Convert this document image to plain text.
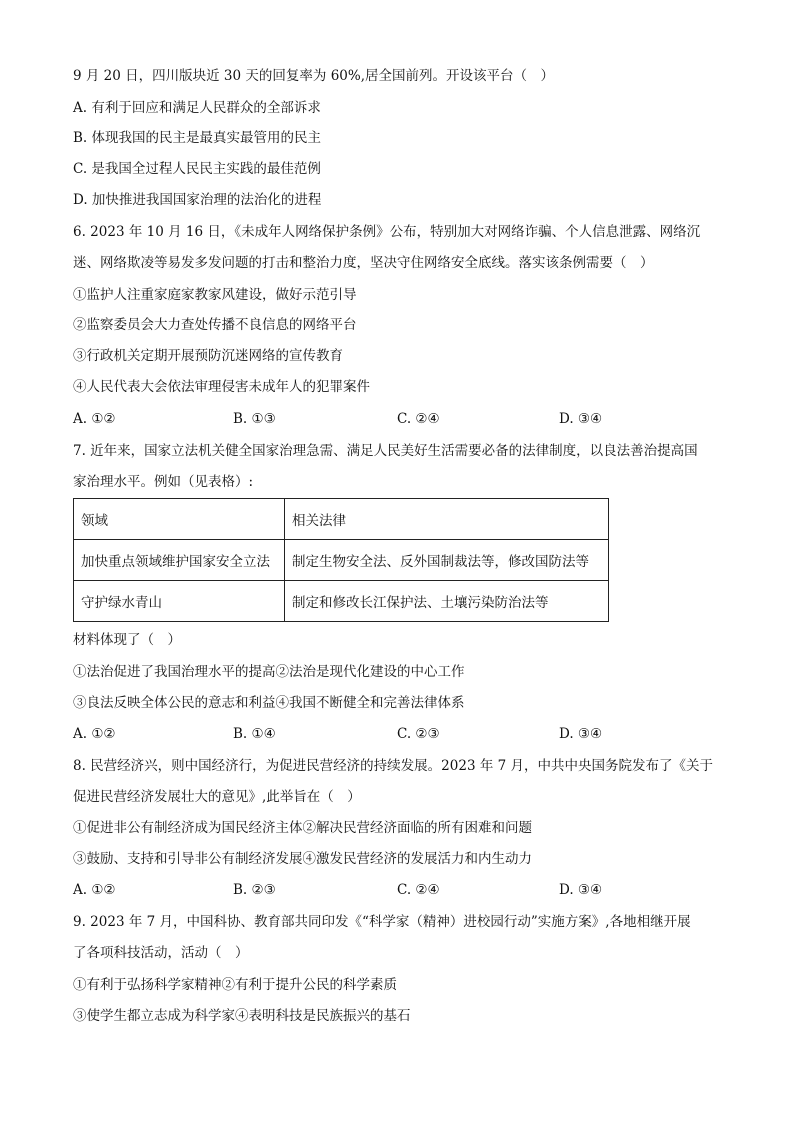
9 月 20 日，四川版块近 30 天的回复率为 60%,居全国前列。开设该平台（　）
A. 有利于回应和满足人民群众的全部诉求
B. 体现我国的民主是最真实最管用的民主
C. 是我国全过程人民民主实践的最佳范例
D. 加快推进我国国家治理的法治化的进程
6. 2023 年 10 月 16 日，《未成年人网络保护条例》公布，特别加大对网络诈骗、个人信息泄露、网络沉
迷、网络欺凌等易发多发问题的打击和整治力度，坚决守住网络安全底线。落实该条例需要（　）
①监护人注重家庭家教家风建设，做好示范引导
②监察委员会大力查处传播不良信息的网络平台
③行政机关定期开展预防沉迷网络的宣传教育
④人民代表大会依法审理侵害未成年人的犯罪案件
A. ①②	B. ①③	C. ②④	D. ③④
7. 近年来，国家立法机关健全国家治理急需、满足人民美好生活需要必备的法律制度，以良法善治提高国
家治理水平。例如（见表格）:
领域	相关法律
加快重点领域维护国家安全立法	制定生物安全法、反外国制裁法等，修改国防法等
守护绿水青山	制定和修改长江保护法、土壤污染防治法等
材料体现了（　）
①法治促进了我国治理水平的提高②法治是现代化建设的中心工作
③良法反映全体公民的意志和利益④我国不断健全和完善法律体系
A. ①②	B. ①④	C. ②③	D. ③④
8. 民营经济兴，则中国经济行，为促进民营经济的持续发展。2023 年 7 月，中共中央国务院发布了《关于
促进民营经济发展壮大的意见》,此举旨在（　）
①促进非公有制经济成为国民经济主体②解决民营经济面临的所有困难和问题
③鼓励、支持和引导非公有制经济发展④激发民营经济的发展活力和内生动力
A. ①②	B. ②③	C. ②④	D. ③④
9. 2023 年 7 月，中国科协、教育部共同印发《“科学家（精神）进校园行动”实施方案》,各地相继开展
了各项科技活动，活动（　）
①有利于弘扬科学家精神②有利于提升公民的科学素质
③使学生都立志成为科学家④表明科技是民族振兴的基石
